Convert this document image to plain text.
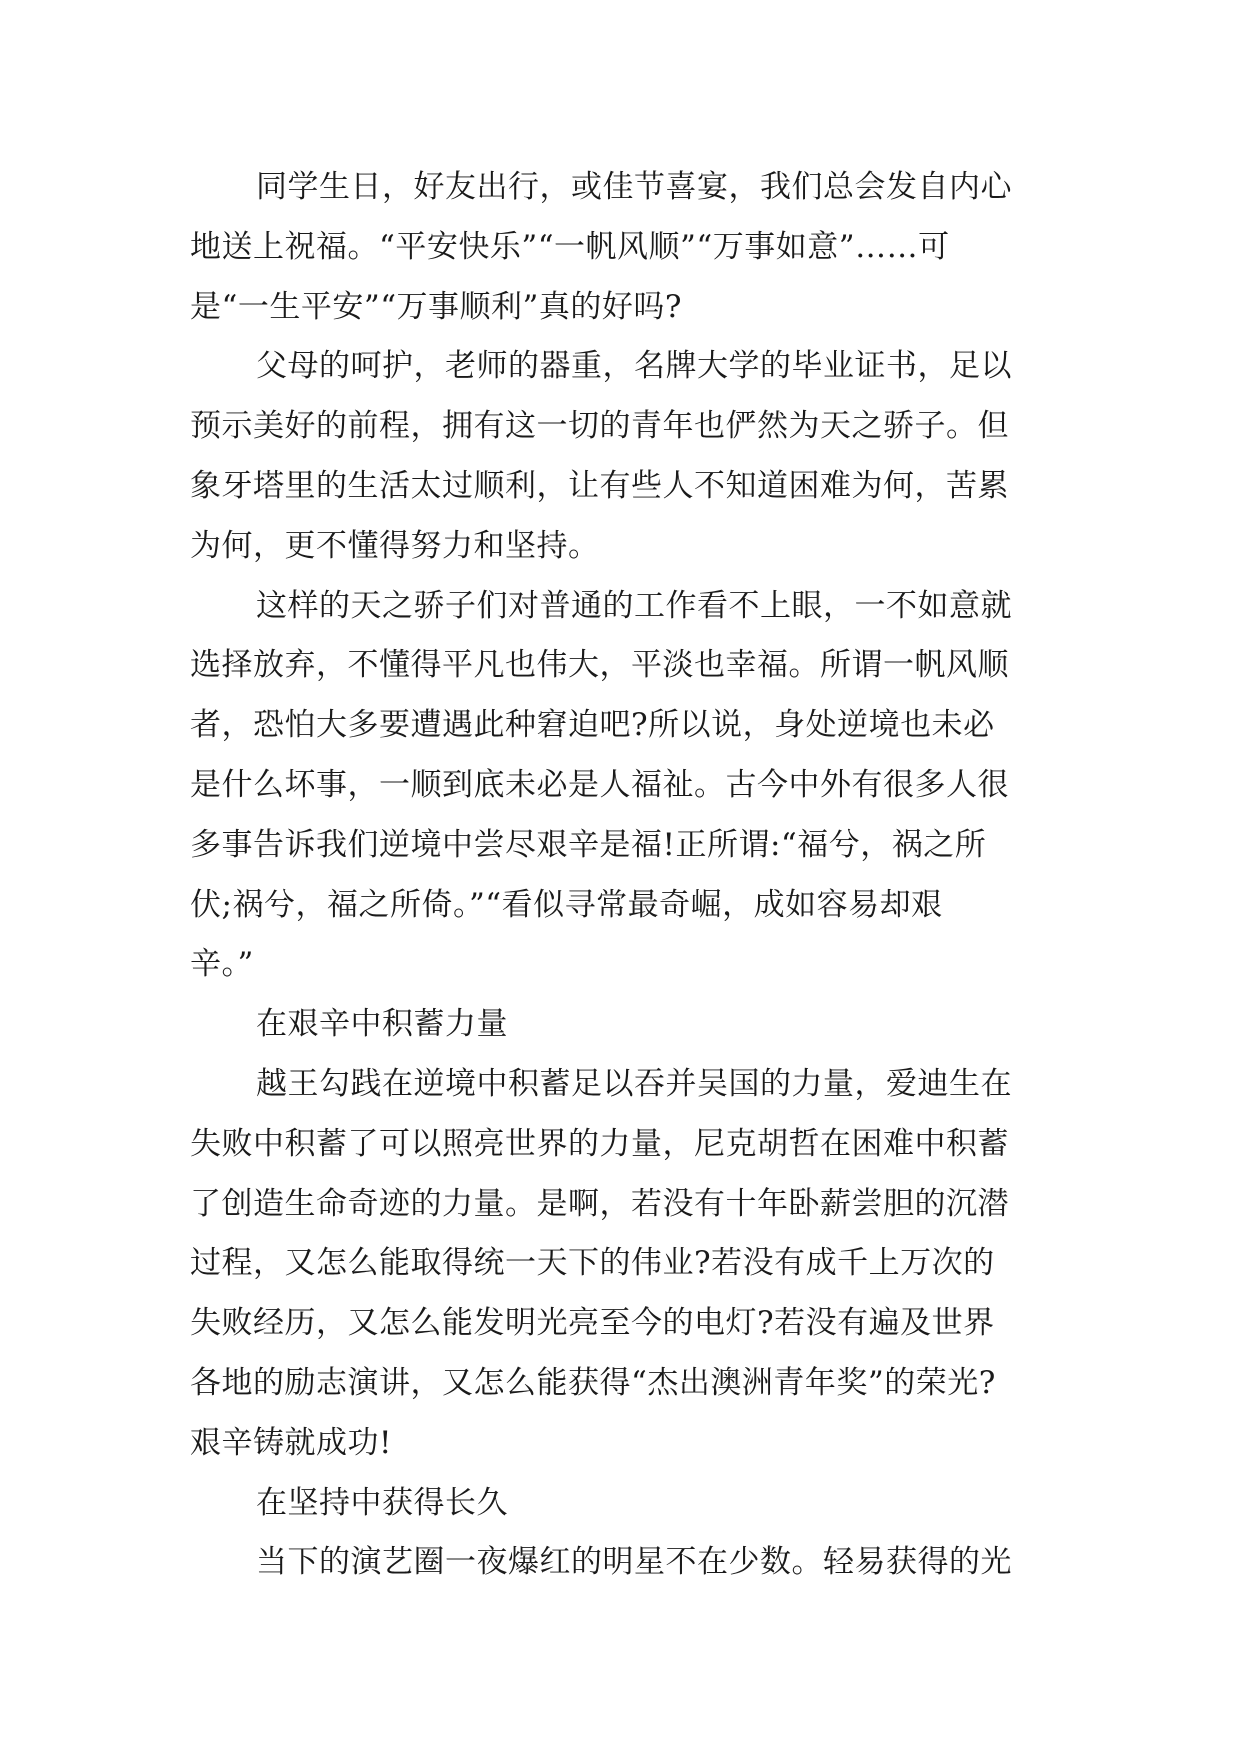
同学生日，好友出行，或佳节喜宴，我们总会发自内心
地送上祝福。“平安快乐”“一帆风顺”“万事如意”……可
是“一生平安”“万事顺利”真的好吗?
父母的呵护，老师的器重，名牌大学的毕业证书，足以
预示美好的前程，拥有这一切的青年也俨然为天之骄子。但
象牙塔里的生活太过顺利，让有些人不知道困难为何，苦累
为何，更不懂得努力和坚持。
这样的天之骄子们对普通的工作看不上眼，一不如意就
选择放弃，不懂得平凡也伟大，平淡也幸福。所谓一帆风顺
者，恐怕大多要遭遇此种窘迫吧?所以说，身处逆境也未必
是什么坏事，一顺到底未必是人福祉。古今中外有很多人很
多事告诉我们逆境中尝尽艰辛是福!正所谓:“福兮，祸之所
伏;祸兮，福之所倚。”“看似寻常最奇崛，成如容易却艰
辛。”
在艰辛中积蓄力量
越王勾践在逆境中积蓄足以吞并吴国的力量，爱迪生在
失败中积蓄了可以照亮世界的力量，尼克胡哲在困难中积蓄
了创造生命奇迹的力量。是啊，若没有十年卧薪尝胆的沉潜
过程，又怎么能取得统一天下的伟业?若没有成千上万次的
失败经历，又怎么能发明光亮至今的电灯?若没有遍及世界
各地的励志演讲，又怎么能获得“杰出澳洲青年奖”的荣光?
艰辛铸就成功!
在坚持中获得长久
当下的演艺圈一夜爆红的明星不在少数。轻易获得的光
